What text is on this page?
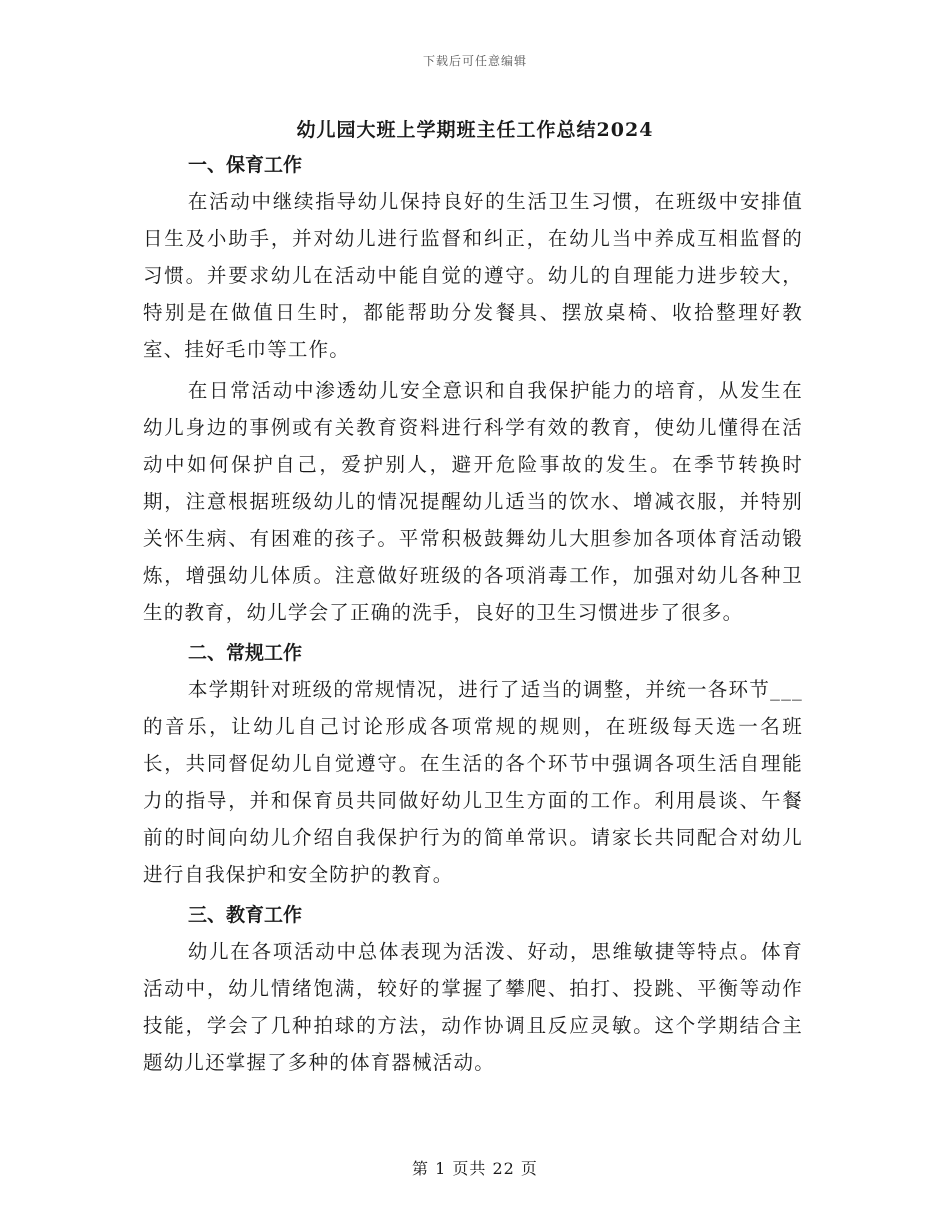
下载后可任意编辑
幼儿园大班上学期班主任工作总结2024
一、保育工作

在活动中继续指导幼儿保持良好的生活卫生习惯，在班级中安排值日生及小助手，并对幼儿进行监督和纠正，在幼儿当中养成互相监督的习惯。并要求幼儿在活动中能自觉的遵守。幼儿的自理能力进步较大，特别是在做值日生时，都能帮助分发餐具、摆放桌椅、收拾整理好教室、挂好毛巾等工作。

在日常活动中渗透幼儿安全意识和自我保护能力的培育，从发生在幼儿身边的事例或有关教育资料进行科学有效的教育，使幼儿懂得在活动中如何保护自己，爱护别人，避开危险事故的发生。在季节转换时期，注意根据班级幼儿的情况提醒幼儿适当的饮水、增减衣服，并特别关怀生病、有困难的孩子。平常积极鼓舞幼儿大胆参加各项体育活动锻炼，增强幼儿体质。注意做好班级的各项消毒工作，加强对幼儿各种卫生的教育，幼儿学会了正确的洗手，良好的卫生习惯进步了很多。

二、常规工作

本学期针对班级的常规情况，进行了适当的调整，并统一各环节___的音乐，让幼儿自己讨论形成各项常规的规则，在班级每天选一名班长，共同督促幼儿自觉遵守。在生活的各个环节中强调各项生活自理能力的指导，并和保育员共同做好幼儿卫生方面的工作。利用晨谈、午餐前的时间向幼儿介绍自我保护行为的简单常识。请家长共同配合对幼儿进行自我保护和安全防护的教育。

三、教育工作

幼儿在各项活动中总体表现为活泼、好动，思维敏捷等特点。体育活动中，幼儿情绪饱满，较好的掌握了攀爬、拍打、投跳、平衡等动作技能，学会了几种拍球的方法，动作协调且反应灵敏。这个学期结合主题幼儿还掌握了多种的体育器械活动。

第 1 页共 22 页
